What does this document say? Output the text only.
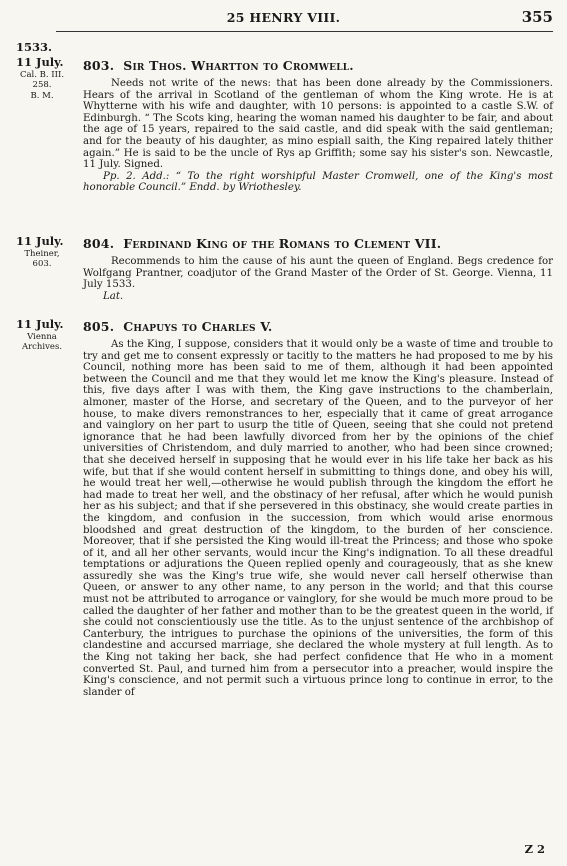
25 HENRY VIII.	355
1533.
11 July.
Cal. B. III. 258.
B. M.
803. Sir Thos. Whartton to Cromwell.

Needs not write of the news: that has been done already by the Commissioners. Hears of the arrival in Scotland of the gentleman of whom the King wrote. He is at Whytterne with his wife and daughter, with 10 persons: is appointed to a castle S.W. of Edinburgh. “ The Scots king, hearing the woman named his daughter to be fair, and about the age of 15 years, repaired to the said castle, and did speak with the said gentleman; and for the beauty of his daughter, as mino espiall saith, the King repaired lately thither again.” He is said to be the uncle of Rys ap Griffith; some say his sister's son. Newcastle, 11 July. Signed.

Pp. 2. Add.: “ To the right worshipful Master Cromwell, one of the King's most honorable Council.” Endd. by Wriothesley.

11 July.
Theiner, 603.
804. Ferdinand King of the Romans to Clement VII.

Recommends to him the cause of his aunt the queen of England. Begs credence for Wolfgang Prantner, coadjutor of the Grand Master of the Order of St. George. Vienna, 11 July 1533.

Lat.

11 July.
Vienna
Archives.
805. Chapuys to Charles V.

As the King, I suppose, considers that it would only be a waste of time and trouble to try and get me to consent expressly or tacitly to the matters he had proposed to me by his Council, nothing more has been said to me of them, although it had been appointed between the Council and me that they would let me know the King's pleasure. Instead of this, five days after I was with them, the King gave instructions to the chamberlain, almoner, master of the Horse, and secretary of the Queen, and to the purveyor of her house, to make divers remonstrances to her, especially that it came of great arrogance and vainglory on her part to usurp the title of Queen, seeing that she could not pretend ignorance that he had been lawfully divorced from her by the opinions of the chief universities of Christendom, and duly married to another, who had been since crowned; that she deceived herself in supposing that he would ever in his life take her back as his wife, but that if she would content herself in submitting to things done, and obey his will, he would treat her well,—otherwise he would publish through the kingdom the effort he had made to treat her well, and the obstinacy of her refusal, after which he would punish her as his subject; and that if she persevered in this obstinacy, she would create parties in the kingdom, and confusion in the succession, from which would arise enormous bloodshed and great destruction of the kingdom, to the burden of her conscience. Moreover, that if she persisted the King would ill-treat the Princess; and those who spoke of it, and all her other servants, would incur the King's indignation. To all these dreadful temptations or adjurations the Queen replied openly and courageously, that as she knew assuredly she was the King's true wife, she would never call herself otherwise than Queen, or answer to any other name, to any person in the world; and that this course must not be attributed to arrogance or vainglory, for she would be much more proud to be called the daughter of her father and mother than to be the greatest queen in the world, if she could not conscientiously use the title. As to the unjust sentence of the archbishop of Canterbury, the intrigues to purchase the opinions of the universities, the form of this clandestine and accursed marriage, she declared the whole mystery at full length. As to the King not taking her back, she had perfect confidence that He who in a moment converted St. Paul, and turned him from a persecutor into a preacher, would inspire the King's conscience, and not permit such a virtuous prince long to continue in error, to the slander of

Z 2
